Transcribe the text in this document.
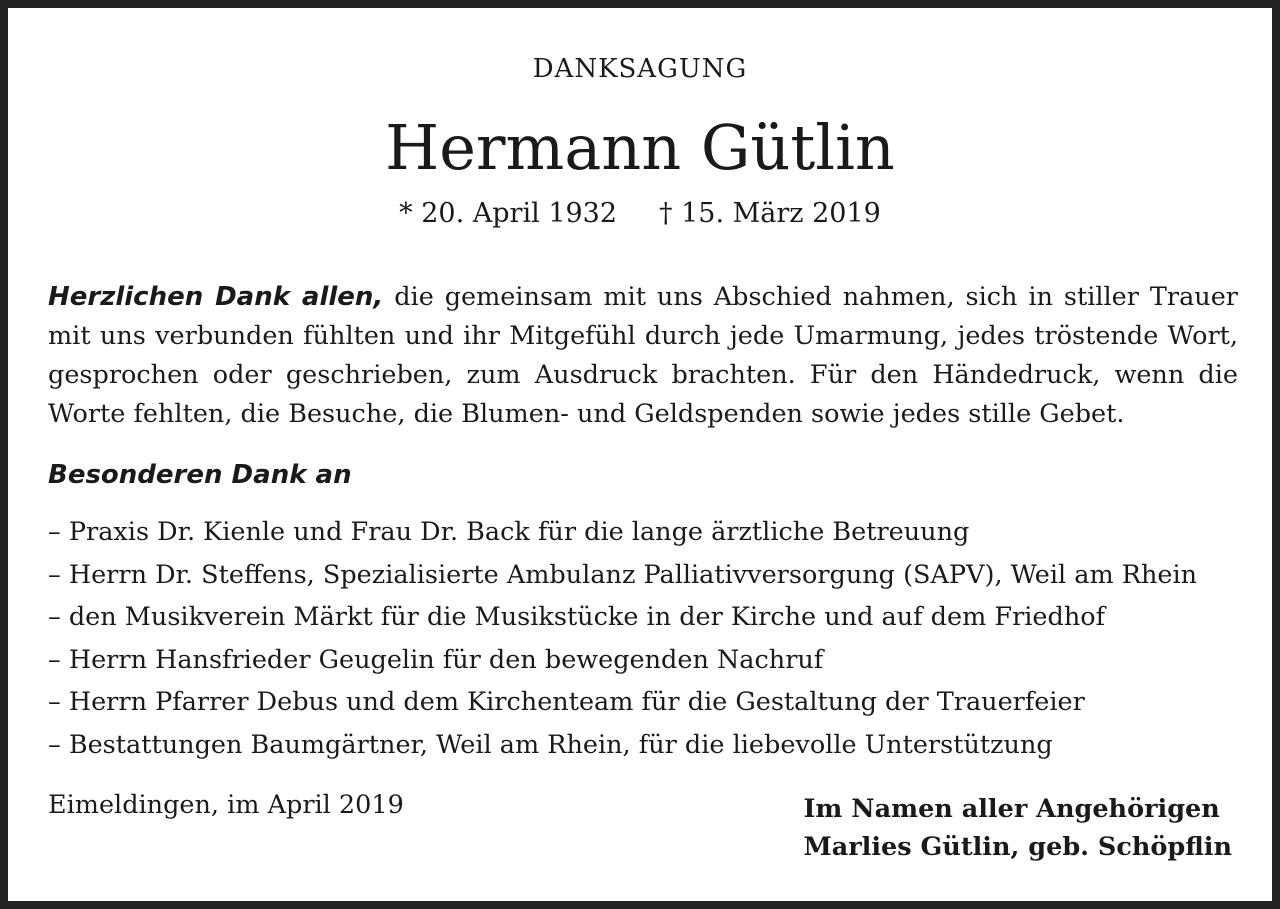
DANKSAGUNG
Hermann Gütlin
* 20. April 1932 † 15. März 2019

Herzlichen Dank allen, die gemeinsam mit uns Abschied nahmen, sich in stiller Trauer mit uns verbunden fühlten und ihr Mitgefühl durch jede Umarmung, jedes tröstende Wort, gesprochen oder geschrieben, zum Ausdruck brachten. Für den Händedruck, wenn die Worte fehlten, die Besuche, die Blumen- und Geldspenden sowie jedes stille Gebet.

Besonderen Dank an
– Praxis Dr. Kienle und Frau Dr. Back für die lange ärztliche Betreuung
– Herrn Dr. Steffens, Spezialisierte Ambulanz Palliativversorgung (SAPV), Weil am Rhein
– den Musikverein Märkt für die Musikstücke in der Kirche und auf dem Friedhof
– Herrn Hansfrieder Geugelin für den bewegenden Nachruf
– Herrn Pfarrer Debus und dem Kirchenteam für die Gestaltung der Trauerfeier
– Bestattungen Baumgärtner, Weil am Rhein, für die liebevolle Unterstützung
Eimeldingen, im April 2019	Im Namen aller Angehörigen
Marlies Gütlin, geb. Schöpflin
